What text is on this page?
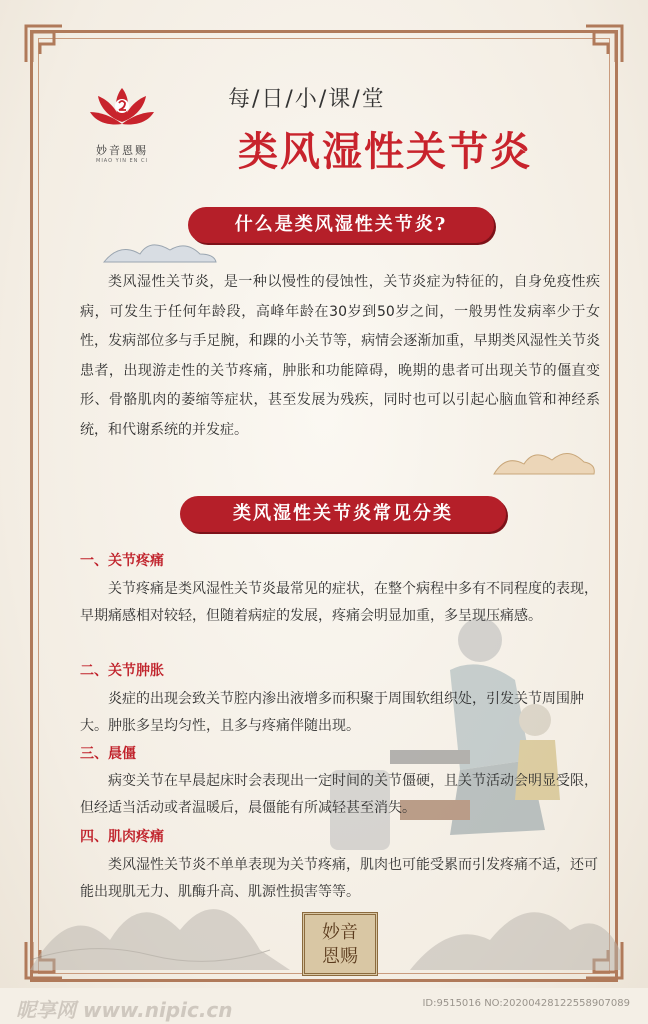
妙音恩赐
MIAO YIN EN CI
每/日/小/课/堂
类风湿性关节炎
什么是类风湿性关节炎?
类风湿性关节炎，是一种以慢性的侵蚀性，关节炎症为特征的，自身免疫性疾病，可发生于任何年龄段，高峰年龄在30岁到50岁之间，一般男性发病率少于女性，发病部位多与手足腕，和踝的小关节等，病情会逐渐加重，早期类风湿性关节炎患者，出现游走性的关节疼痛，肿胀和功能障碍，晚期的患者可出现关节的僵直变形、骨骼肌肉的萎缩等症状，甚至发展为残疾，同时也可以引起心脑血管和神经系统，和代谢系统的并发症。
类风湿性关节炎常见分类
一、关节疼痛
关节疼痛是类风湿性关节炎最常见的症状，在整个病程中多有不同程度的表现，早期痛感相对较轻，但随着病症的发展，疼痛会明显加重，多呈现压痛感。
二、关节肿胀
炎症的出现会致关节腔内渗出液增多而积聚于周围软组织处，引发关节周围肿大。肿胀多呈均匀性，且多与疼痛伴随出现。
三、晨僵
病变关节在早晨起床时会表现出一定时间的关节僵硬，且关节活动会明显受限，但经适当活动或者温暖后，晨僵能有所减轻甚至消失。
四、肌肉疼痛
类风湿性关节炎不单单表现为关节疼痛，肌肉也可能受累而引发疼痛不适，还可能出现肌无力、肌酶升高、肌源性损害等等。
妙音
恩赐
昵享网 www.nipic.cn	ID:9515016 NO:20200428122558907089
